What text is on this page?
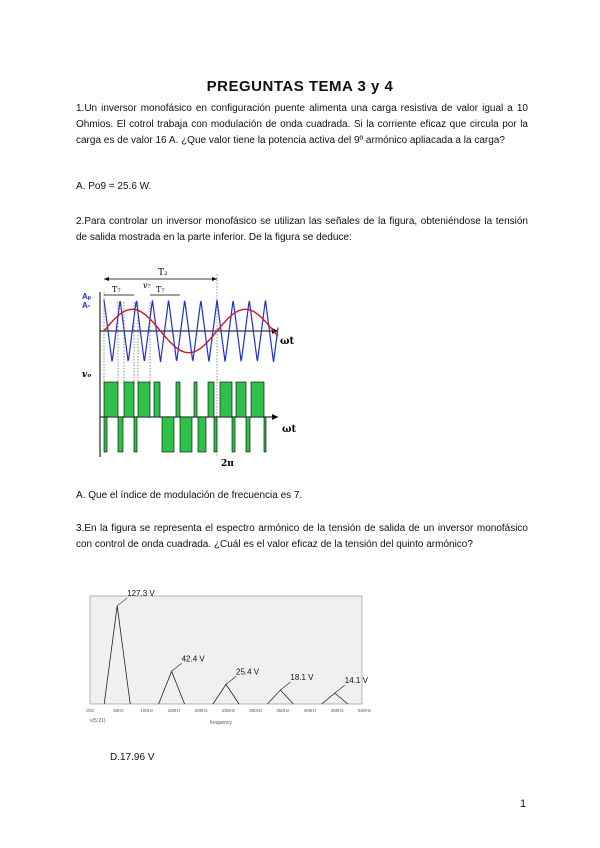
PREGUNTAS TEMA 3 y 4
1.Un inversor monofásico en configuración puente alimenta una carga resistiva de valor igual a 10 Ohmios. El cotrol trabaja con modulación de onda cuadrada. Si la corriente eficaz que circula por la carga es de valor 16 A. ¿Que valor tiene la potencia activa del 9º armónico apliacada a la carga?
A. Po9 = 25.6 W.
2.Para controlar un inversor monofásico se utilizan las señales de la figura, obteniéndose la tensión de salida mostrada en la parte inferior. De la figura se deduce:
T₂
T₇	v₇ T₇
Aₚ
A-
ωt
vₒ
ωt
2π
A. Que el índice de modulación de frecuencia es 7.
3.En la figura se representa el espectro armónico de la tensión de salida de un inversor monofásico con control de onda cuadrada. ¿Cuál es el valor eficaz de la tensión del quinto armónico?
127.3 V
42.4 V
25.4 V
18.1 V	14.1 V
Ohz	50Hz	100Hz	150Hz	200Hz	250Hz	300Hz	350Hz	400Hz	450Hz	500Hz
v(5:21)	frequency
D.17.96 V
1
